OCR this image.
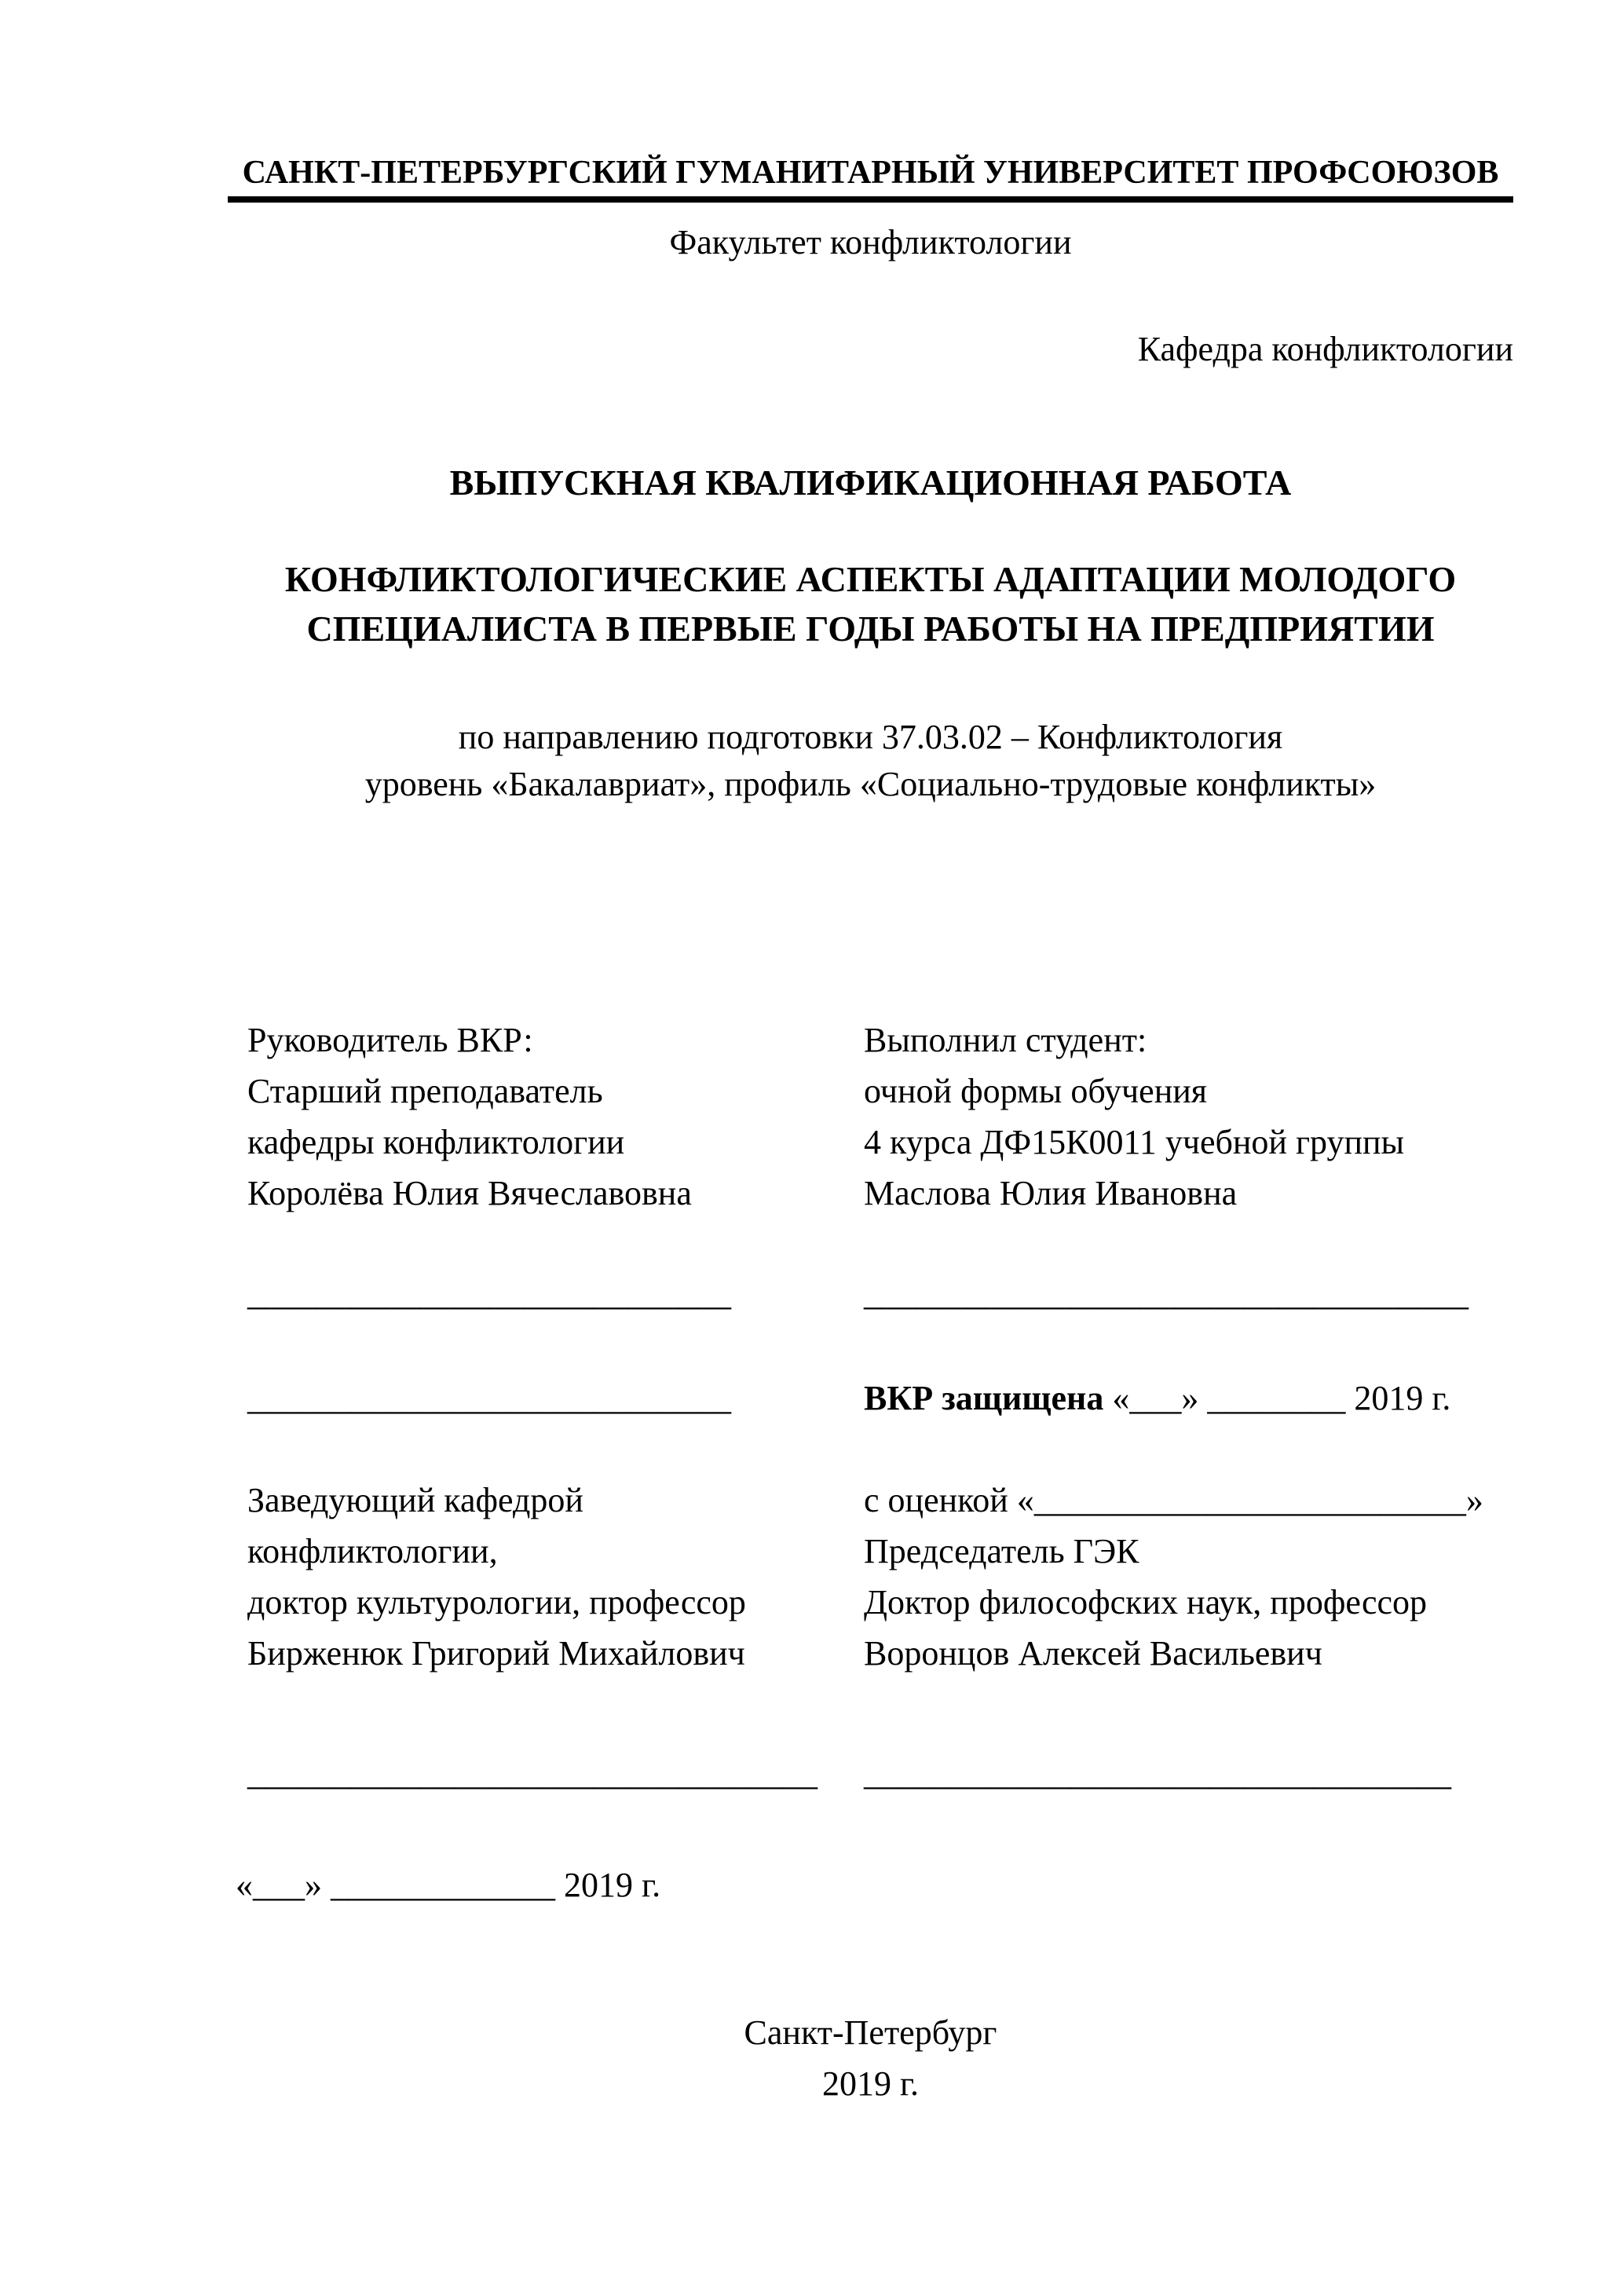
САНКТ-ПЕТЕРБУРГСКИЙ ГУМАНИТАРНЫЙ УНИВЕРСИТЕТ ПРОФСОЮЗОВ
Факультет конфликтологии
Кафедра конфликтологии
ВЫПУСКНАЯ КВАЛИФИКАЦИОННАЯ РАБОТА
КОНФЛИКТОЛОГИЧЕСКИЕ АСПЕКТЫ АДАПТАЦИИ МОЛОДОГО
СПЕЦИАЛИСТА В ПЕРВЫЕ ГОДЫ РАБОТЫ НА ПРЕДПРИЯТИИ
по направлению подготовки 37.03.02 – Конфликтология
уровень «Бакалавриат», профиль «Социально-трудовые конфликты»
Руководитель ВКР:
Старший преподаватель
кафедры конфликтологии
Королёва Юлия Вячеславовна
____________________________
____________________________
Заведующий кафедрой
конфликтологии,
доктор культурологии, профессор
Бирженюк Григорий Михайлович
_________________________________
«___» _____________ 2019 г.
Выполнил студент:
очной формы обучения
4 курса ДФ15К0011 учебной группы
Маслова Юлия Ивановна
___________________________________
ВКР защищена «___» ________ 2019 г.
с оценкой «_________________________»
Председатель ГЭК
Доктор философских наук, профессор
Воронцов Алексей Васильевич
__________________________________
Санкт-Петербург
2019 г.
